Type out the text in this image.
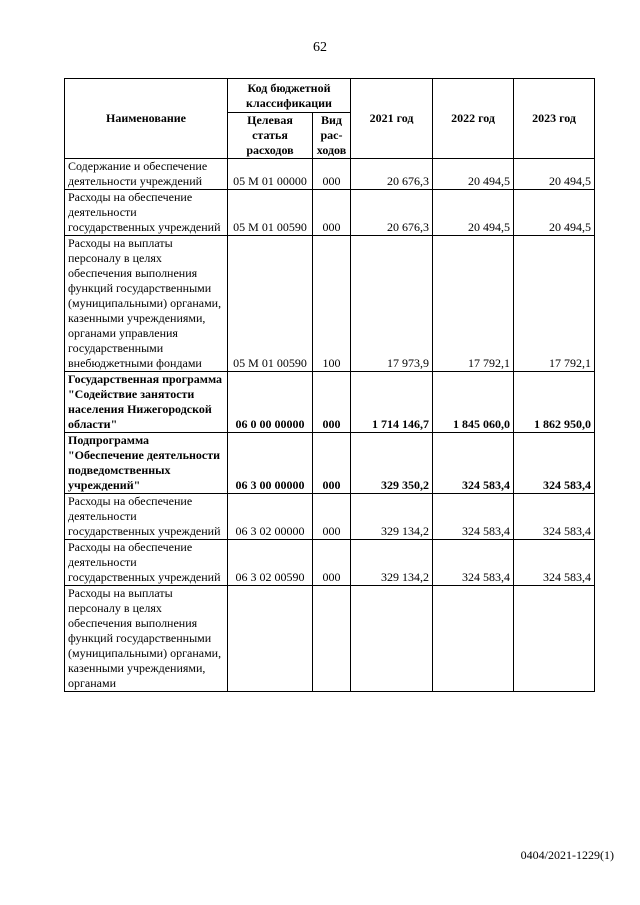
62
Наименование	Код бюджетной классификации		2021 год	2022 год	2023 год
	Целевая статья расходов	Вид рас- ходов			
Содержание и обеспечение деятельности учреждений	05 М 01 00000	000	20 676,3	20 494,5	20 494,5
Расходы на обеспечение деятельности государственных учреждений	05 М 01 00590	000	20 676,3	20 494,5	20 494,5
Расходы на выплаты персоналу в целях обеспечения выполнения функций государственными (муниципальными) органами, казенными учреждениями, органами управления государственными внебюджетными фондами	05 М 01 00590	100	17 973,9	17 792,1	17 792,1
Государственная программа "Содействие занятости населения Нижегородской области"	06 0 00 00000	000	1 714 146,7	1 845 060,0	1 862 950,0
Подпрограмма "Обеспечение деятельности подведомственных учреждений"	06 3 00 00000	000	329 350,2	324 583,4	324 583,4
Расходы на обеспечение деятельности государственных учреждений	06 3 02 00000	000	329 134,2	324 583,4	324 583,4
Расходы на обеспечение деятельности государственных учреждений	06 3 02 00590	000	329 134,2	324 583,4	324 583,4
Расходы на выплаты персоналу в целях обеспечения выполнения функций государственными (муниципальными) органами, казенными учреждениями, органами					
0404/2021-1229(1)
